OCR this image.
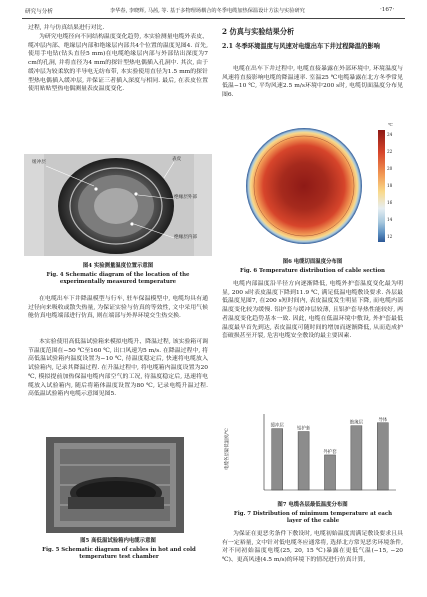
研究与分析	李华春, 李晓辉, 马茜, 等. 基于多物理场耦合的冬季电缆加热保温设计方法与实验研究	·167·
过程, 并与仿真结果进行对比.
为研究电缆径向不同结构温度变化趋势, 本实验测量电缆外表皮、缆冲层内部、绝缘层内部和绝缘层内部共4个位置的温度见图4. 首先, 使用手电钻(钻头直径5 mm)在电缆绝缘层内部与外部钻出深度为7 cm的孔洞, 并将直径为4 mm的探针型热电偶插入孔洞中. 其次, 由于缓冲层为较柔软的半导电无纺布带, 本实验使用直径为1.5 mm的探针型热电偶插入缓冲层, 并保证三者插入深度与相同. 最后, 在表皮位置使用贴贴型热电偶测量表皮温度变化.
缓冲层
表皮
绝缘层外部
绝缘层内部
图4 实验测量温度位置示意图
Fig. 4 Schematic diagram of the location of the experimentally measured temperature
在电缆出车下井降温模型与行车, 驻车保温模型中, 电缆均具有通过径向来吸收或散失热量, 为保证实验与仿真的等效性, 文中采用气候舱仿真电缆端部进行仿真, 则在端部与外界环境交生热交换.
本实验使用高低温试验箱来模拟电缆升、降温过程, 该实验箱可调节温度范围在−50 ℃至160 ℃, 出口风速为5 m/s. 在降温过程中, 将高低温试验箱内温度设置为−10 ℃, 待温度稳定后, 快速将电缆放入试验箱内, 记录其降温过程. 在升温过程中, 将电缆箱内温度设置为20 ℃, 模拟提前加热保温电缆内部空气的工况, 待温度稳定后, 迅速将电缆放入试验箱内, 随后将箱体温度设置为80 ℃, 记录电缆升温过程. 高低温试验箱内电缆示意图见图5.
图5 高低温试验箱内电缆示意图
Fig. 5 Schematic diagram of cables in hot and cold temperature test chamber
2 仿真与实验结果分析
2.1 冬季环境温度与风速对电缆出车下井过程降温的影响
电缆在出车下井过程中, 电缆直接暴露在外部环境中, 环境温度与风速将直接影响电缆的降温速率. 室温25 ℃电缆暴露在北方冬季常见低温−10 ℃, 平均风速2.5 m/s环境中200 s时, 电缆切面温度分布见图6.
℃
24
22
20
18
16
14
12
图6 电缆切面温度分布图
Fig. 6 Temperature distribution of cable section
电缆内部温度沿半径方向逐渐降低, 电缆外护套温度变化最为明显, 200 s时表皮温度下降到11.9 ℃, 满足低温电缆敷设要求. 各层最低温度见图7, 在200 s短时间内, 表皮温度发生明显下降, 而电缆内部温度变化较为缓慢. 铝护套与缓冲层较薄, 且铝护套导热性能较好, 两者温度变化趋势基本一致. 因此, 电缆在低温环境中敷设, 外护套最低温度最早首先到达, 表皮温度可随时间的增加而逐渐降低, 从而造成护套破损甚至开裂, 危害电缆安全敷设的最主要因素.
缓冲层
铝护套
外护套
绝缘层
导体
电缆各层最低温度/℃
图7 电缆各层最低温度分布图
Fig. 7 Distribution of minimum temperature at each layer of the cable
为保证在更恶劣条件下敷设时, 电缆初始温度需满足敷设要求且具有一定裕量, 文中针对低电缆冬应通常将, 选择北方常见恶劣环境条件, 对不同初始温度电缆(25, 20, 15 ℃)暴露在更低气温(−15, −20 ℃)、更高风速(4.5 m/s)的环境下的情况进行仿真计算,
